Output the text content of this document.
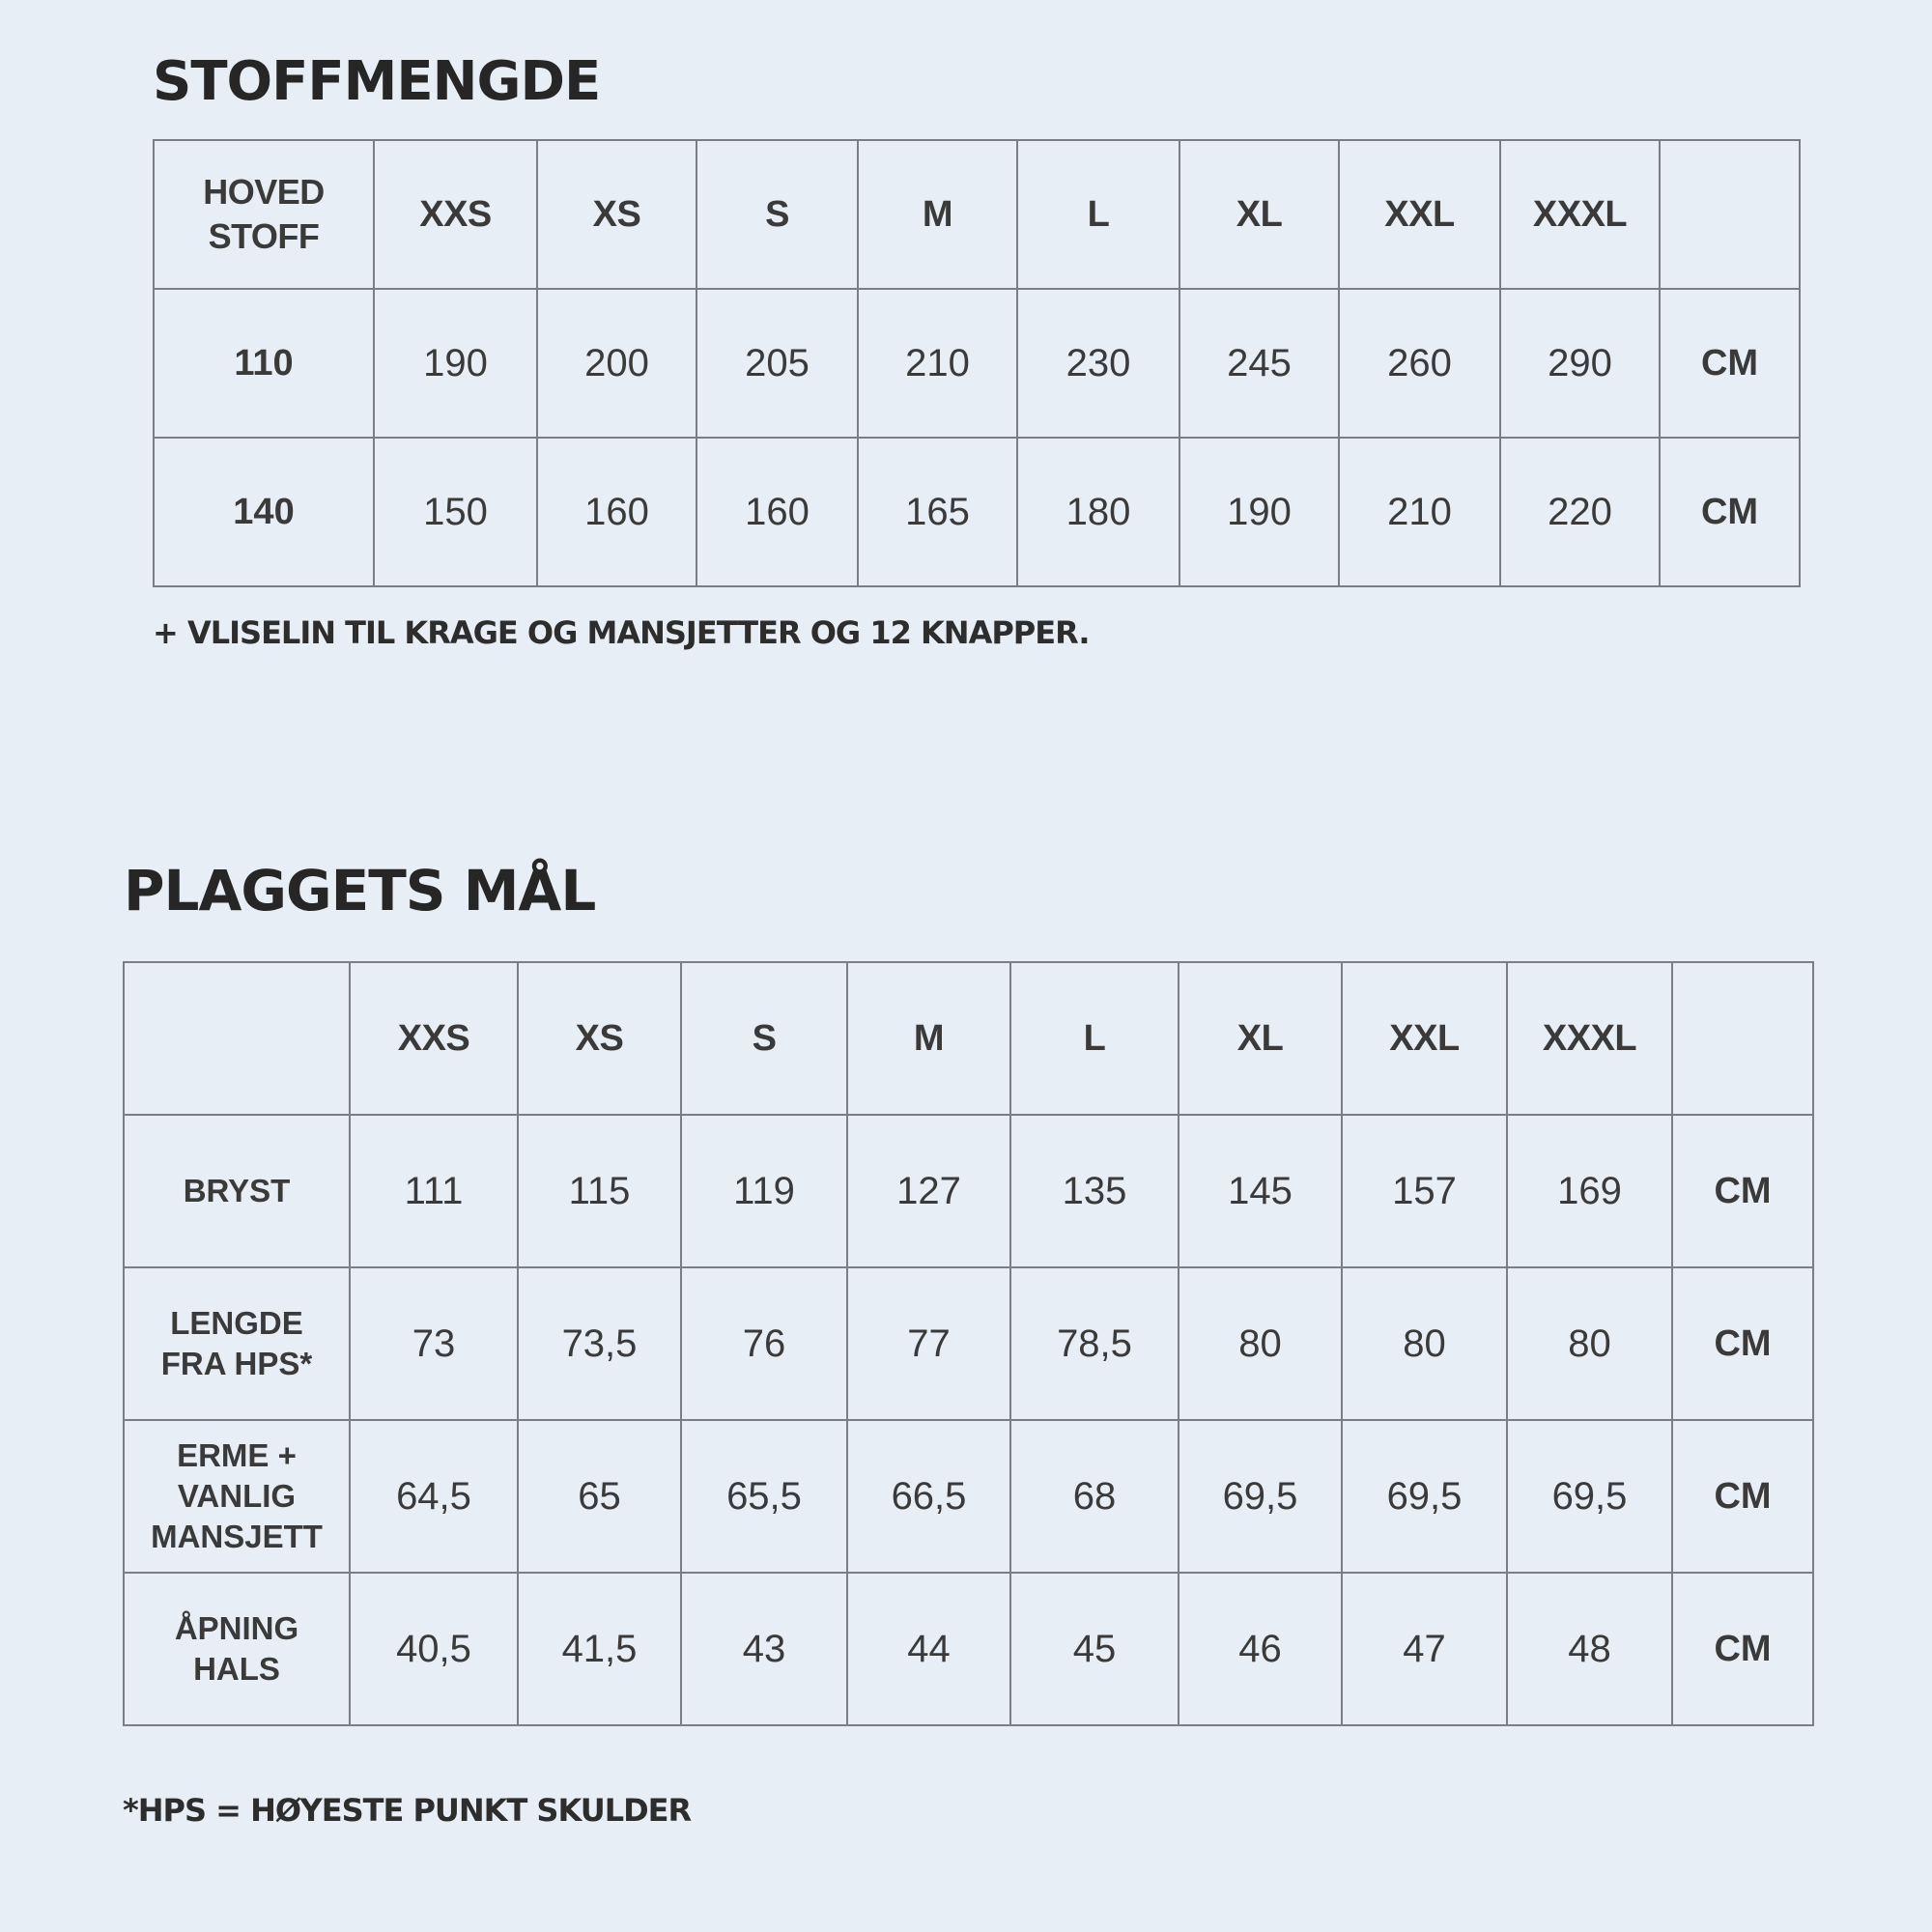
STOFFMENGDE
HOVED
STOFF	XXS	XS	S	M	L	XL	XXL	XXXL	
110	190	200	205	210	230	245	260	290	CM
140	150	160	160	165	180	190	210	220	CM

+ VLISELIN TIL KRAGE OG MANSJETTER OG 12 KNAPPER.

PLAGGETS MÅL
	XXS	XS	S	M	L	XL	XXL	XXXL	
BRYST	111	115	119	127	135	145	157	169	CM
LENGDE
FRA HPS*	73	73,5	76	77	78,5	80	80	80	CM
ERME +
VANLIG
MANSJETT	64,5	65	65,5	66,5	68	69,5	69,5	69,5	CM
ÅPNING
HALS	40,5	41,5	43	44	45	46	47	48	CM

*HPS = HØYESTE PUNKT SKULDER
